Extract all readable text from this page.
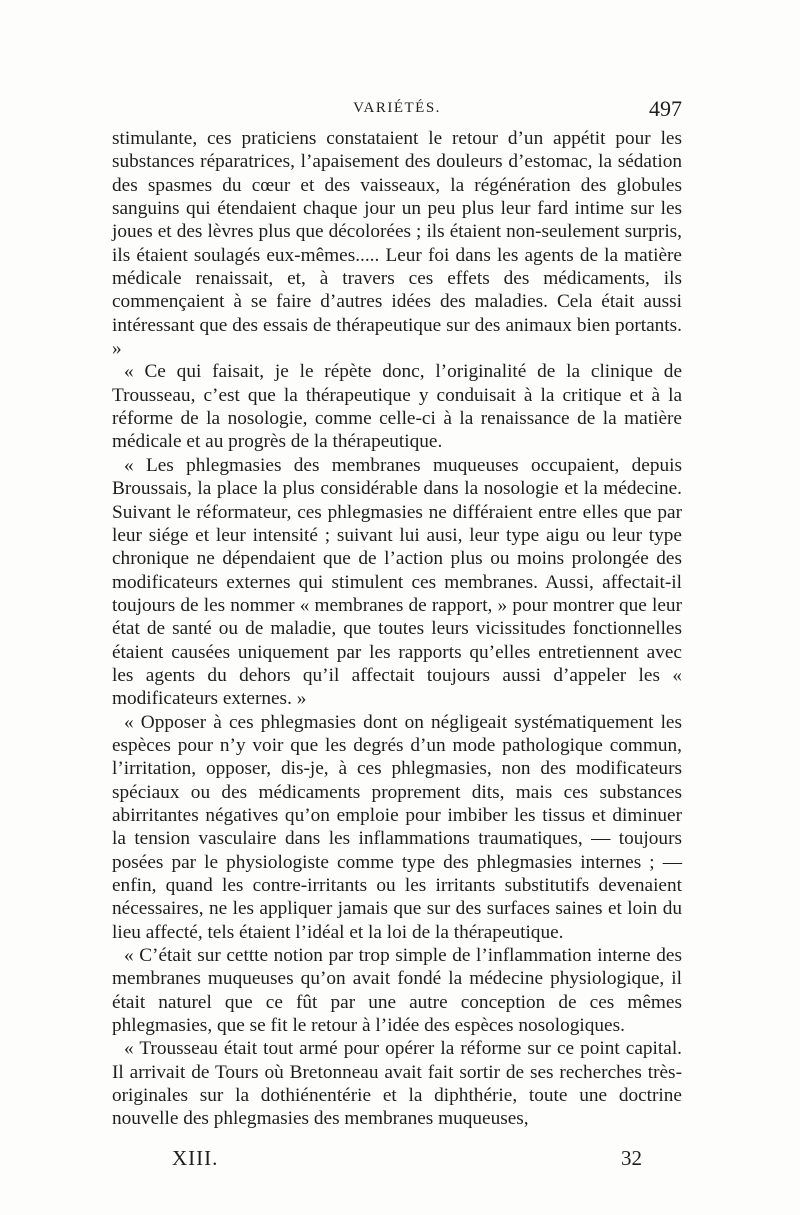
VARIÉTÉS.	497

stimulante, ces praticiens constataient le retour d’un appétit pour les substances réparatrices, l’apaisement des douleurs d’estomac, la sédation des spasmes du cœur et des vaisseaux, la régénération des globules sanguins qui étendaient chaque jour un peu plus leur fard intime sur les joues et des lèvres plus que décolorées ; ils étaient non-seulement surpris, ils étaient soulagés eux-mêmes..... Leur foi dans les agents de la matière médicale renaissait, et, à travers ces effets des médicaments, ils commençaient à se faire d’autres idées des maladies. Cela était aussi intéressant que des essais de thérapeutique sur des animaux bien portants. »

« Ce qui faisait, je le répète donc, l’originalité de la clinique de Trousseau, c’est que la thérapeutique y conduisait à la critique et à la réforme de la nosologie, comme celle-ci à la renaissance de la matière médicale et au progrès de la thérapeutique.

« Les phlegmasies des membranes muqueuses occupaient, depuis Broussais, la place la plus considérable dans la nosologie et la médecine. Suivant le réformateur, ces phlegmasies ne différaient entre elles que par leur siége et leur intensité ; suivant lui ausi, leur type aigu ou leur type chronique ne dépendaient que de l’action plus ou moins prolongée des modificateurs externes qui stimulent ces membranes. Aussi, affectait-il toujours de les nommer « membranes de rapport, » pour montrer que leur état de santé ou de maladie, que toutes leurs vicissitudes fonctionnelles étaient causées uniquement par les rapports qu’elles entretiennent avec les agents du dehors qu’il affectait toujours aussi d’appeler les « modificateurs externes. »

« Opposer à ces phlegmasies dont on négligeait systématiquement les espèces pour n’y voir que les degrés d’un mode pathologique commun, l’irritation, opposer, dis-je, à ces phlegmasies, non des modificateurs spéciaux ou des médicaments proprement dits, mais ces substances abirritantes négatives qu’on emploie pour imbiber les tissus et diminuer la tension vasculaire dans les inflammations traumatiques, — toujours posées par le physiologiste comme type des phlegmasies internes ; — enfin, quand les contre-irritants ou les irritants substitutifs devenaient nécessaires, ne les appliquer jamais que sur des surfaces saines et loin du lieu affecté, tels étaient l’idéal et la loi de la thérapeutique.

« C’était sur cettte notion par trop simple de l’inflammation interne des membranes muqueuses qu’on avait fondé la médecine physiologique, il était naturel que ce fût par une autre conception de ces mêmes phlegmasies, que se fit le retour à l’idée des espèces nosologiques.

« Trousseau était tout armé pour opérer la réforme sur ce point capital. Il arrivait de Tours où Bretonneau avait fait sortir de ses recherches très-originales sur la dothiénentérie et la diphthérie, toute une doctrine nouvelle des phlegmasies des membranes muqueuses,

XIII.	32
